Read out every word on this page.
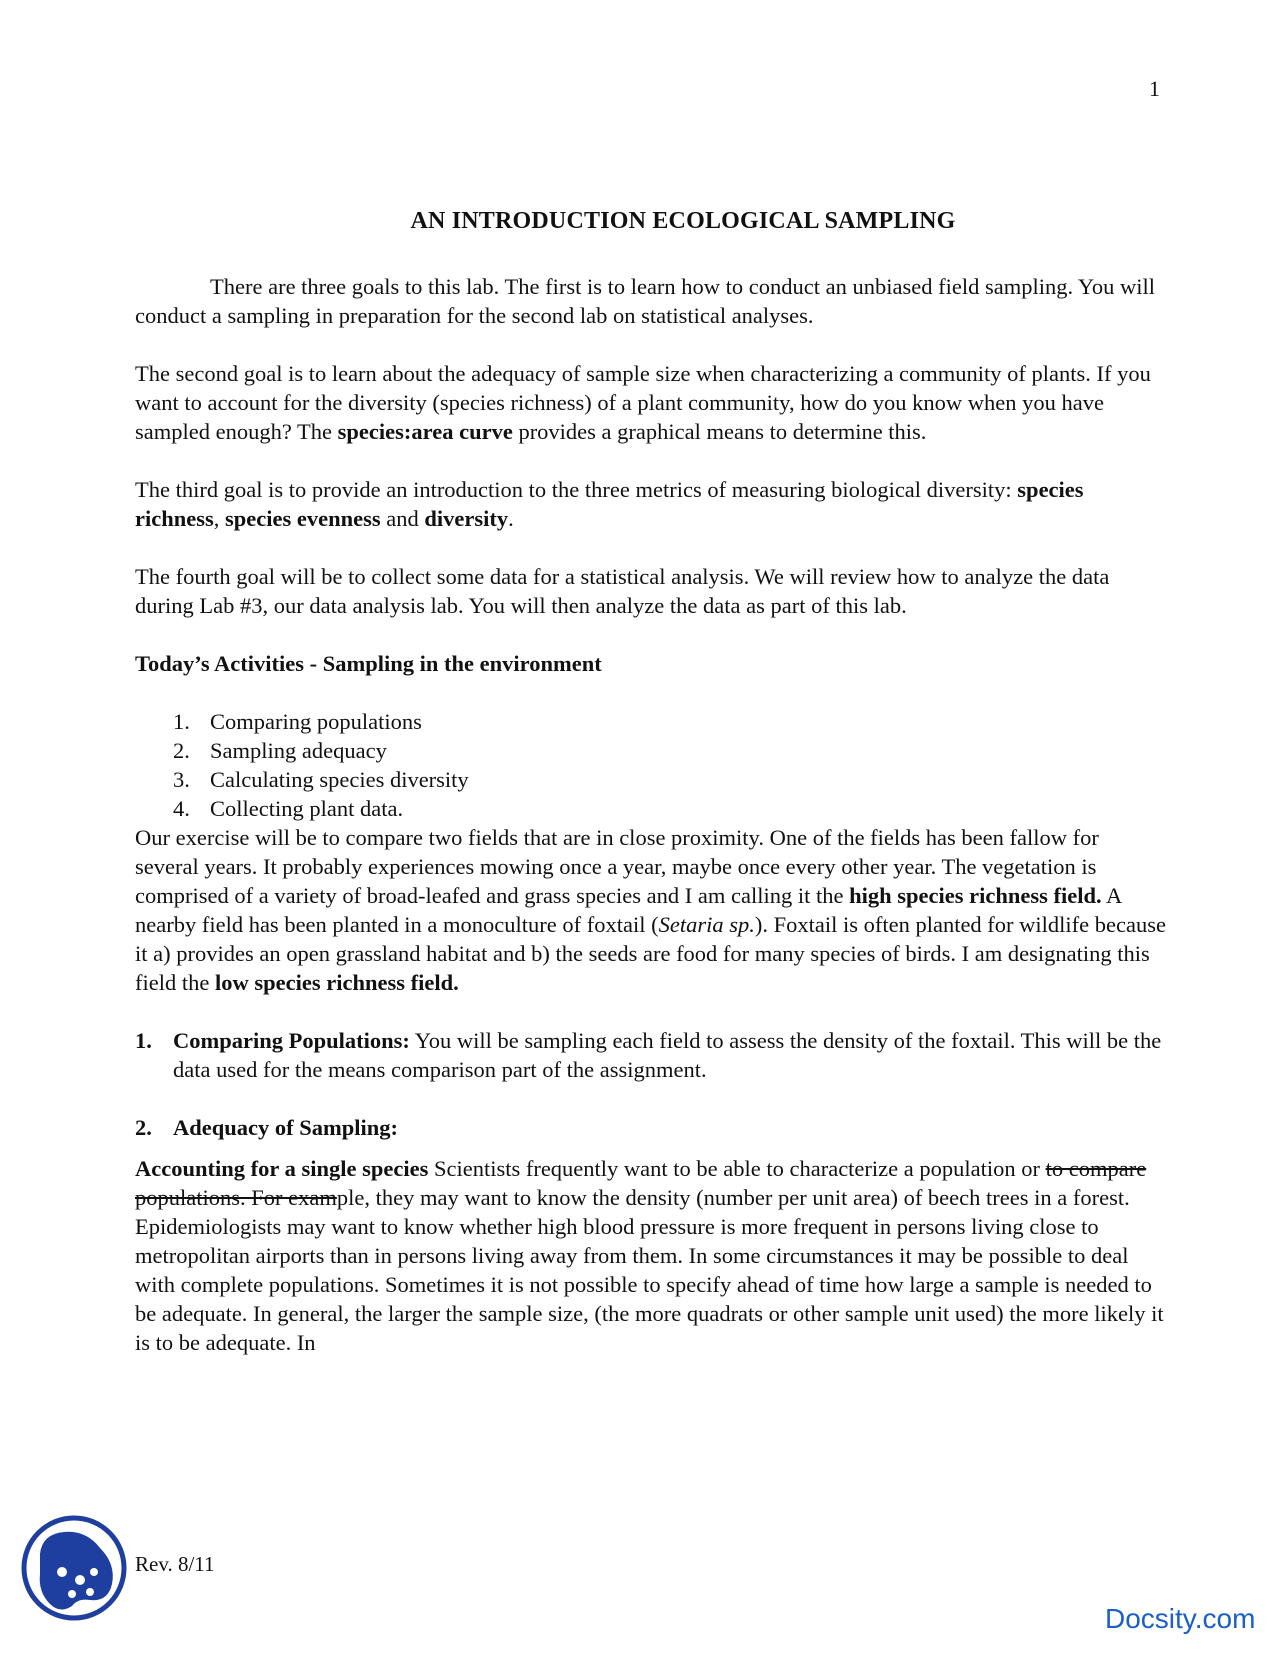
1
AN INTRODUCTION ECOLOGICAL SAMPLING

There are three goals to this lab. The first is to learn how to conduct an unbiased field sampling. You will conduct a sampling in preparation for the second lab on statistical analyses.

The second goal is to learn about the adequacy of sample size when characterizing a community of plants. If you want to account for the diversity (species richness) of a plant community, how do you know when you have sampled enough? The species:area curve provides a graphical means to determine this.

The third goal is to provide an introduction to the three metrics of measuring biological diversity: species richness, species evenness and diversity.

The fourth goal will be to collect some data for a statistical analysis. We will review how to analyze the data during Lab #3, our data analysis lab. You will then analyze the data as part of this lab.

Today’s Activities - Sampling in the environment

1. Comparing populations
2. Sampling adequacy
3. Calculating species diversity
4. Collecting plant data.

Our exercise will be to compare two fields that are in close proximity. One of the fields has been fallow for several years. It probably experiences mowing once a year, maybe once every other year. The vegetation is comprised of a variety of broad-leafed and grass species and I am calling it the high species richness field. A nearby field has been planted in a monoculture of foxtail (Setaria sp.). Foxtail is often planted for wildlife because it a) provides an open grassland habitat and b) the seeds are food for many species of birds. I am designating this field the low species richness field.

1. Comparing Populations: You will be sampling each field to assess the density of the foxtail. This will be the data used for the means comparison part of the assignment.
2. Adequacy of Sampling:

Accounting for a single species Scientists frequently want to be able to characterize a population or to compare populations. For example, they may want to know the density (number per unit area) of beech trees in a forest. Epidemiologists may want to know whether high blood pressure is more frequent in persons living close to metropolitan airports than in persons living away from them. In some circumstances it may be possible to deal with complete populations. Sometimes it is not possible to specify ahead of time how large a sample is needed to be adequate. In general, the larger the sample size, (the more quadrats or other sample unit used) the more likely it is to be adequate. In

Rev. 8/11
Docsity.com
